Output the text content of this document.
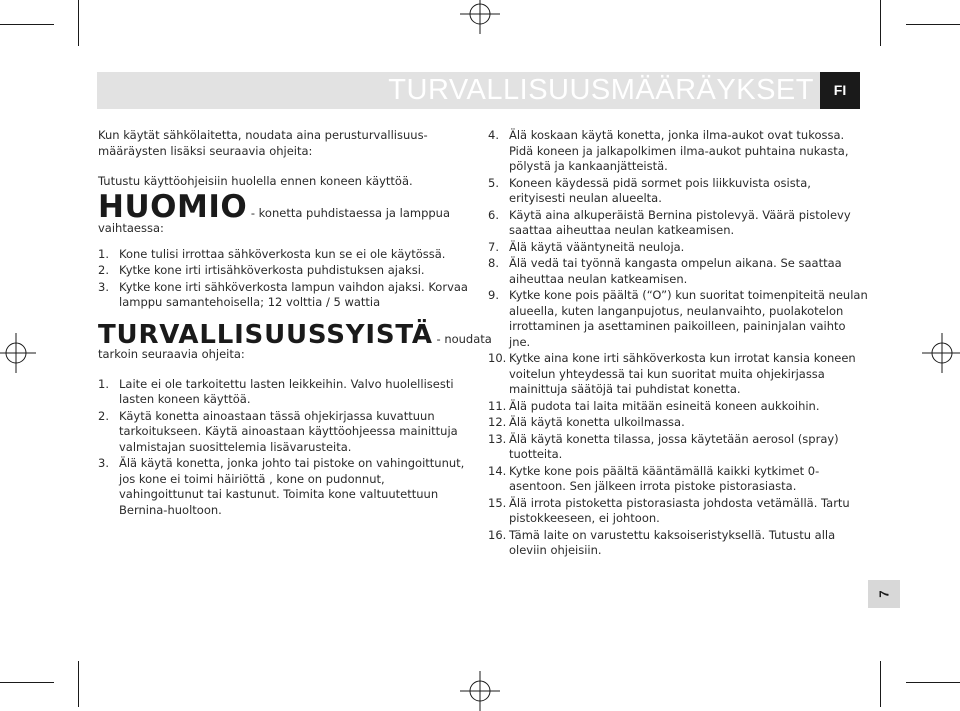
TURVALLISUUSMÄÄRÄYKSET	FI

Kun käytät sähkölaitetta, noudata aina perusturvallisuus-

määräysten lisäksi seuraavia ohjeita:

Tutustu käyttöohjeisiin huolella ennen koneen käyttöä.

HUOMIO - konetta puhdistaessa ja lamppua

vaihtaessa:

1. Kone tulisi irrottaa sähköverkosta kun se ei ole käytössä.
2. Kytke kone irti irtisähköverkosta puhdistuksen ajaksi.
3. Kytke kone irti sähköverkosta lampun vaihdon ajaksi. Korvaa lamppu samantehoisella; 12 volttia / 5 wattia

TURVALLISUUSSYISTÄ - noudata

tarkoin seuraavia ohjeita:

1. Laite ei ole tarkoitettu lasten leikkeihin. Valvo huolellisesti lasten koneen käyttöä.
2. Käytä konetta ainoastaan tässä ohjekirjassa kuvattuun tarkoitukseen. Käytä ainoastaan käyttöohjeessa mainittuja valmistajan suosittelemia lisävarusteita.
3. Älä käytä konetta, jonka johto tai pistoke on vahingoittunut, jos kone ei toimi häiriöttä , kone on pudonnut, vahingoittunut tai kastunut. Toimita kone valtuutettuun Bernina-huoltoon.
4. Älä koskaan käytä konetta, jonka ilma-aukot ovat tukossa. Pidä koneen ja jalkapolkimen ilma-aukot puhtaina nukasta, pölystä ja kankaanjätteistä.
5. Koneen käydessä pidä sormet pois liikkuvista osista, erityisesti neulan alueelta.
6. Käytä aina alkuperäistä Bernina pistolevyä. Väärä pistolevy saattaa aiheuttaa neulan katkeamisen.
7. Älä käytä vääntyneitä neuloja.
8. Älä vedä tai työnnä kangasta ompelun aikana. Se saattaa aiheuttaa neulan katkeamisen.
9. Kytke kone pois päältä (“O”) kun suoritat toimenpiteitä neulan alueella, kuten langanpujotus, neulanvaihto, puolakotelon irrottaminen ja asettaminen paikoilleen, paininjalan vaihto jne.
10. Kytke aina kone irti sähköverkosta kun irrotat kansia koneen voitelun yhteydessä tai kun suoritat muita ohjekirjassa mainittuja säätöjä tai puhdistat konetta.
11. Älä pudota tai laita mitään esineitä koneen aukkoihin.
12. Älä käytä konetta ulkoilmassa.
13. Älä käytä konetta tilassa, jossa käytetään aerosol (spray) tuotteita.
14. Kytke kone pois päältä kääntämällä kaikki kytkimet 0-asentoon. Sen jälkeen irrota pistoke pistorasiasta.
15. Älä irrota pistoketta pistorasiasta johdosta vetämällä. Tartu pistokkeeseen, ei johtoon.
16. Tämä laite on varustettu kaksoiseristyksellä. Tutustu alla oleviin ohjeisiin.
7
